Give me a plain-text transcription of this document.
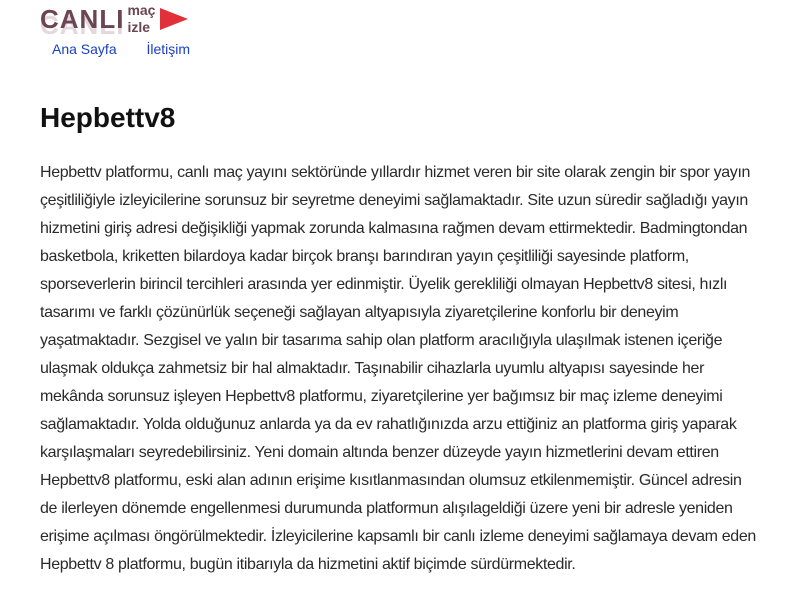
CANLI maç
izle
Ana Sayfa İletişim
Hepbettv8

Hepbettv platformu, canlı maç yayını sektöründe yıllardır hizmet veren bir site olarak zengin bir spor yayın çeşitliliğiyle izleyicilerine sorunsuz bir seyretme deneyimi sağlamaktadır. Site uzun süredir sağladığı yayın hizmetini giriş adresi değişikliği yapmak zorunda kalmasına rağmen devam ettirmektedir. Badmingtondan basketbola, kriketten bilardoya kadar birçok branşı barındıran yayın çeşitliliği sayesinde platform, sporseverlerin birincil tercihleri arasında yer edinmiştir. Üyelik gerekliliği olmayan Hepbettv8 sitesi, hızlı tasarımı ve farklı çözünürlük seçeneği sağlayan altyapısıyla ziyaretçilerine konforlu bir deneyim yaşatmaktadır. Sezgisel ve yalın bir tasarıma sahip olan platform aracılığıyla ulaşılmak istenen içeriğe ulaşmak oldukça zahmetsiz bir hal almaktadır. Taşınabilir cihazlarla uyumlu altyapısı sayesinde her mekânda sorunsuz işleyen Hepbettv8 platformu, ziyaretçilerine yer bağımsız bir maç izleme deneyimi sağlamaktadır. Yolda olduğunuz anlarda ya da ev rahatlığınızda arzu ettiğiniz an platforma giriş yaparak karşılaşmaları seyredebilirsiniz. Yeni domain altında benzer düzeyde yayın hizmetlerini devam ettiren Hepbettv8 platformu, eski alan adının erişime kısıtlanmasından olumsuz etkilenmemiştir. Güncel adresin de ilerleyen dönemde engellenmesi durumunda platformun alışılageldiği üzere yeni bir adresle yeniden erişime açılması öngörülmektedir. İzleyicilerine kapsamlı bir canlı izleme deneyimi sağlamaya devam eden Hepbettv 8 platformu, bugün itibarıyla da hizmetini aktif biçimde sürdürmektedir.
